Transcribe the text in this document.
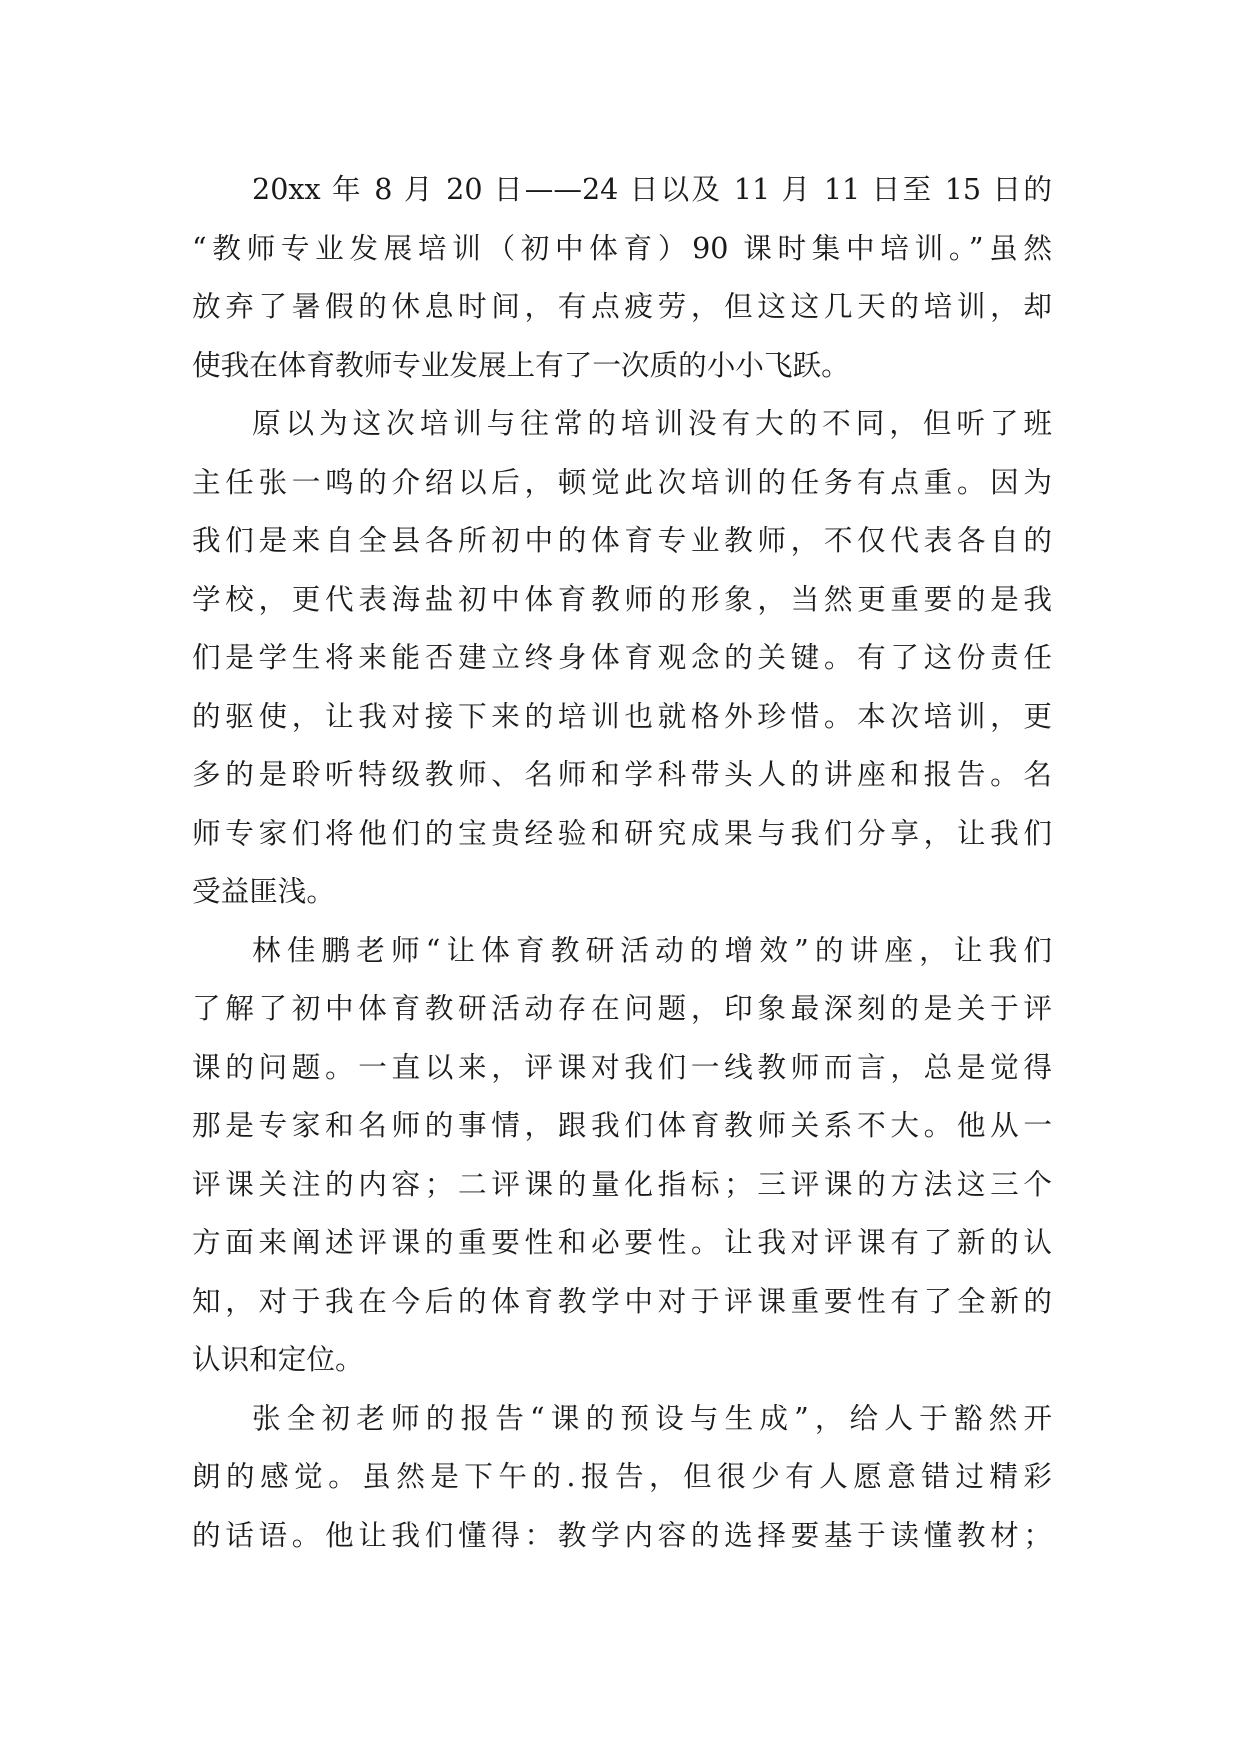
20xx 年 8 月 20 日——24 日以及 11 月 11 日至 15 日的
“教师专业发展培训（初中体育）90 课时集中培训。”虽然
放弃了暑假的休息时间，有点疲劳，但这这几天的培训，却
使我在体育教师专业发展上有了一次质的小小飞跃。

原以为这次培训与往常的培训没有大的不同，但听了班
主任张一鸣的介绍以后，顿觉此次培训的任务有点重。因为
我们是来自全县各所初中的体育专业教师，不仅代表各自的
学校，更代表海盐初中体育教师的形象，当然更重要的是我
们是学生将来能否建立终身体育观念的关键。有了这份责任
的驱使，让我对接下来的培训也就格外珍惜。本次培训，更
多的是聆听特级教师、名师和学科带头人的讲座和报告。名
师专家们将他们的宝贵经验和研究成果与我们分享，让我们
受益匪浅。

林佳鹏老师“让体育教研活动的增效”的讲座，让我们
了解了初中体育教研活动存在问题，印象最深刻的是关于评
课的问题。一直以来，评课对我们一线教师而言，总是觉得
那是专家和名师的事情，跟我们体育教师关系不大。他从一
评课关注的内容；二评课的量化指标；三评课的方法这三个
方面来阐述评课的重要性和必要性。让我对评课有了新的认
知，对于我在今后的体育教学中对于评课重要性有了全新的
认识和定位。

张全初老师的报告“课的预设与生成”，给人于豁然开
朗的感觉。虽然是下午的.报告，但很少有人愿意错过精彩
的话语。他让我们懂得：教学内容的选择要基于读懂教材；
